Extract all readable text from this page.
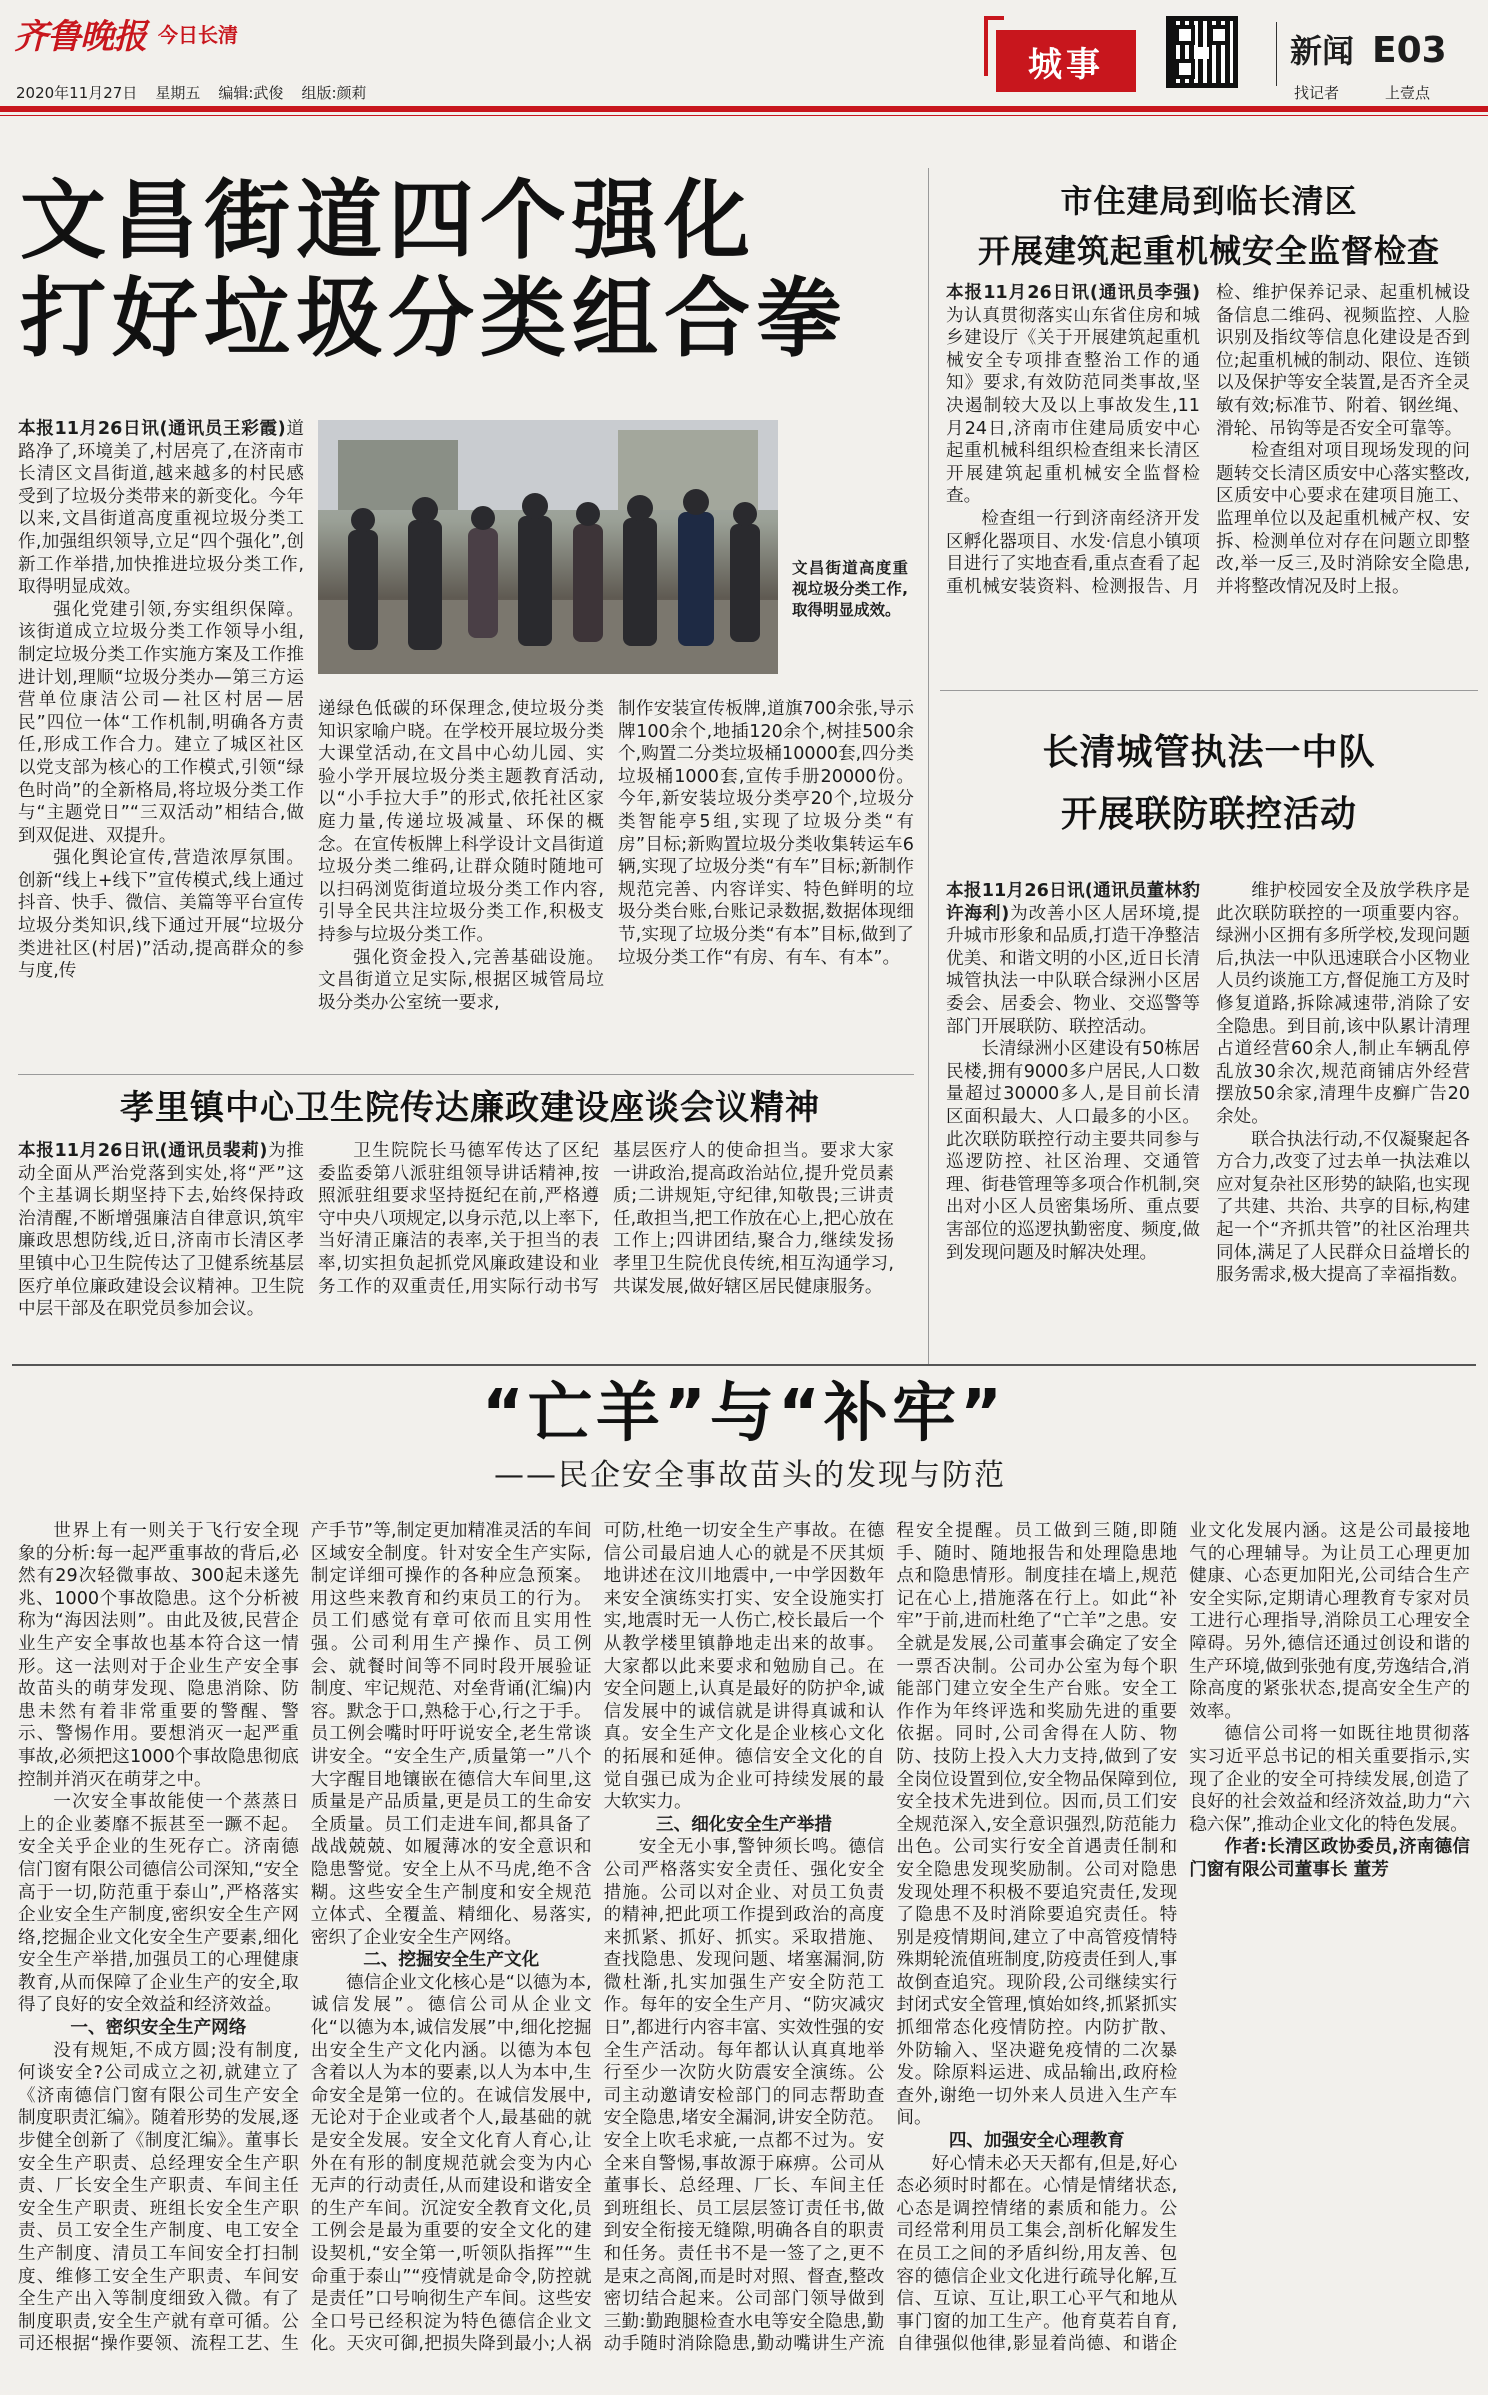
齐鲁晚报 今日长清
2020年11月27日 星期五 编辑:武俊 组版:颜莉
城事	新闻 E03
找记者	上壹点
文昌街道四个强化
打好垃圾分类组合拳

本报11月26日讯(通讯员王彩霞)道路净了,环境美了,村居亮了,在济南市长清区文昌街道,越来越多的村民感受到了垃圾分类带来的新变化。今年以来,文昌街道高度重视垃圾分类工作,加强组织领导,立足“四个强化”,创新工作举措,加快推进垃圾分类工作,取得明显成效。

强化党建引领,夯实组织保障。该街道成立垃圾分类工作领导小组,制定垃圾分类工作实施方案及工作推进计划,理顺“垃圾分类办—第三方运营单位康洁公司—社区村居—居民”四位一体“工作机制,明确各方责任,形成工作合力。建立了城区社区以党支部为核心的工作模式,引领“绿色时尚”的全新格局,将垃圾分类工作与“主题党日”“三双活动”相结合,做到双促进、双提升。

强化舆论宣传,营造浓厚氛围。创新“线上+线下”宣传模式,线上通过抖音、快手、微信、美篇等平台宣传垃圾分类知识,线下通过开展“垃圾分类进社区(村居)”活动,提高群众的参与度,传

文昌街道高度重视垃圾分类工作,取得明显成效。

递绿色低碳的环保理念,使垃圾分类知识家喻户晓。在学校开展垃圾分类大课堂活动,在文昌中心幼儿园、实验小学开展垃圾分类主题教育活动,以“小手拉大手”的形式,依托社区家庭力量,传递垃圾减量、环保的概念。在宣传板牌上科学设计文昌街道垃圾分类二维码,让群众随时随地可以扫码浏览街道垃圾分类工作内容,引导全民共注垃圾分类工作,积极支持参与垃圾分类工作。

强化资金投入,完善基础设施。文昌街道立足实际,根据区城管局垃圾分类办公室统一要求,

制作安装宣传板牌,道旗700余张,导示牌100余个,地插120余个,树挂500余个,购置二分类垃圾桶10000套,四分类垃圾桶1000套,宣传手册20000份。今年,新安装垃圾分类亭20个,垃圾分类智能亭5组,实现了垃圾分类“有房”目标;新购置垃圾分类收集转运车6辆,实现了垃圾分类“有车”目标;新制作规范完善、内容详实、特色鲜明的垃圾分类台账,台账记录数据,数据体现细节,实现了垃圾分类“有本”目标,做到了垃圾分类工作“有房、有车、有本”。

孝里镇中心卫生院传达廉政建设座谈会议精神

本报11月26日讯(通讯员裴莉)为推动全面从严治党落到实处,将“严”这个主基调长期坚持下去,始终保持政治清醒,不断增强廉洁自律意识,筑牢廉政思想防线,近日,济南市长清区孝里镇中心卫生院传达了卫健系统基层医疗单位廉政建设会议精神。卫生院中层干部及在职党员参加会议。

卫生院院长马德军传达了区纪委监委第八派驻组领导讲话精神,按照派驻组要求坚持挺纪在前,严格遵守中央八项规定,以身示范,以上率下,当好清正廉洁的表率,关于担当的表率,切实担负起抓党风廉政建设和业务工作的双重责任,用实际行动书写基层医疗人的使命担当。要求大家一讲政治,提高政治站位,提升党员素质;二讲规矩,守纪律,知敬畏;三讲责任,敢担当,把工作放在心上,把心放在工作上;四讲团结,聚合力,继续发扬孝里卫生院优良传统,相互沟通学习,共谋发展,做好辖区居民健康服务。

市住建局到临长清区
开展建筑起重机械安全监督检查

本报11月26日讯(通讯员李强)为认真贯彻落实山东省住房和城乡建设厅《关于开展建筑起重机械安全专项排查整治工作的通知》要求,有效防范同类事故,坚决遏制较大及以上事故发生,11月24日,济南市住建局质安中心起重机械科组织检查组来长清区开展建筑起重机械安全监督检查。

检查组一行到济南经济开发区孵化器项目、水发·信息小镇项目进行了实地查看,重点查看了起重机械安装资料、检测报告、月检、维护保养记录、起重机械设备信息二维码、视频监控、人脸识别及指纹等信息化建设是否到位;起重机械的制动、限位、连锁以及保护等安全装置,是否齐全灵敏有效;标准节、附着、钢丝绳、滑轮、吊钩等是否安全可靠等。

检查组对项目现场发现的问题转交长清区质安中心落实整改,区质安中心要求在建项目施工、监理单位以及起重机械产权、安拆、检测单位对存在问题立即整改,举一反三,及时消除安全隐患,并将整改情况及时上报。

长清城管执法一中队
开展联防联控活动

本报11月26日讯(通讯员董林豹 许海利)为改善小区人居环境,提升城市形象和品质,打造干净整洁优美、和谐文明的小区,近日长清城管执法一中队联合绿洲小区居委会、居委会、物业、交巡警等部门开展联防、联控活动。

长清绿洲小区建设有50栋居民楼,拥有9000多户居民,人口数量超过30000多人,是目前长清区面积最大、人口最多的小区。此次联防联控行动主要共同参与巡逻防控、社区治理、交通管理、街巷管理等多项合作机制,突出对小区人员密集场所、重点要害部位的巡逻执勤密度、频度,做到发现问题及时解决处理。

维护校园安全及放学秩序是此次联防联控的一项重要内容。绿洲小区拥有多所学校,发现问题后,执法一中队迅速联合小区物业人员约谈施工方,督促施工方及时修复道路,拆除减速带,消除了安全隐患。到目前,该中队累计清理占道经营60余人,制止车辆乱停乱放30余次,规范商铺店外经营摆放50余家,清理牛皮癣广告20余处。

联合执法行动,不仅凝聚起各方合力,改变了过去单一执法难以应对复杂社区形势的缺陷,也实现了共建、共治、共享的目标,构建起一个“齐抓共管”的社区治理共同体,满足了人民群众日益增长的服务需求,极大提高了幸福指数。

“亡羊”与“补牢”
——民企安全事故苗头的发现与防范

世界上有一则关于飞行安全现象的分析:每一起严重事故的背后,必然有29次轻微事故、300起未遂先兆、1000个事故隐患。这个分析被称为“海因法则”。由此及彼,民营企业生产安全事故也基本符合这一情形。这一法则对于企业生产安全事故苗头的萌芽发现、隐患消除、防患未然有着非常重要的警醒、警示、警惕作用。要想消灭一起严重事故,必须把这1000个事故隐患彻底控制并消灭在萌芽之中。

一次安全事故能使一个蒸蒸日上的企业萎靡不振甚至一蹶不起。安全关乎企业的生死存亡。济南德信门窗有限公司德信公司深知,“安全高于一切,防范重于泰山”,严格落实企业安全生产制度,密织安全生产网络,挖掘企业文化安全生产要素,细化安全生产举措,加强员工的心理健康教育,从而保障了企业生产的安全,取得了良好的安全效益和经济效益。

一、密织安全生产网络

没有规矩,不成方圆;没有制度,何谈安全?公司成立之初,就建立了《济南德信门窗有限公司生产安全制度职责汇编》。随着形势的发展,逐步健全创新了《制度汇编》。董事长安全生产职责、总经理安全生产职责、厂长安全生产职责、车间主任安全生产职责、班组长安全生产职责、员工安全生产制度、电工安全生产制度、清员工车间安全打扫制度、维修工安全生产职责、车间安全生产出入等制度细致入微。有了制度职责,安全生产就有章可循。公司还根据“操作要领、流程工艺、生产手节”等,制定更加精准灵活的车间区域安全制度。针对安全生产实际,制定详细可操作的各种应急预案。用这些来教育和约束员工的行为。员工们感觉有章可依而且实用性强。公司利用生产操作、员工例会、就餐时间等不同时段开展验证制度、牢记规范、对垒背诵(汇编)内容。默念于口,熟稔于心,行之于手。员工例会嘴时吁吁说安全,老生常谈讲安全。“安全生产,质量第一”八个大字醒目地镶嵌在德信大车间里,这质量是产品质量,更是员工的生命安全质量。员工们走进车间,都具备了战战兢兢、如履薄冰的安全意识和隐患警觉。安全上从不马虎,绝不含糊。这些安全生产制度和安全规范立体式、全覆盖、精细化、易落实,密织了企业安全生产网络。

二、挖掘安全生产文化

德信企业文化核心是“以德为本,诚信发展”。德信公司从企业文化“以德为本,诚信发展”中,细化挖掘出安全生产文化内涵。以德为本包含着以人为本的要素,以人为本中,生命安全是第一位的。在诚信发展中,无论对于企业或者个人,最基础的就是安全发展。安全文化育人育心,让外在有形的制度规范就会变为内心无声的行动责任,从而建设和谐安全的生产车间。沉淀安全教育文化,员工例会是最为重要的安全文化的建设契机,“安全第一,听领队指挥”“生命重于泰山”“疫情就是命令,防控就是责任”口号响彻生产车间。这些安全口号已经积淀为特色德信企业文化。天灾可御,把损失降到最小;人祸可防,杜绝一切安全生产事故。在德信公司最启迪人心的就是不厌其烦地讲述在汶川地震中,一中学因数年来安全演练实打实、安全设施实打实,地震时无一人伤亡,校长最后一个从教学楼里镇静地走出来的故事。大家都以此来要求和勉励自己。在安全问题上,认真是最好的防护伞,诚信发展中的诚信就是讲得真诚和认真。安全生产文化是企业核心文化的拓展和延伸。德信安全文化的自觉自强已成为企业可持续发展的最大软实力。

三、细化安全生产举措

安全无小事,警钟须长鸣。德信公司严格落实安全责任、强化安全措施。公司以对企业、对员工负责的精神,把此项工作提到政治的高度来抓紧、抓好、抓实。采取措施、查找隐患、发现问题、堵塞漏洞,防微杜渐,扎实加强生产安全防范工作。每年的安全生产月、“防灾减灾日”,都进行内容丰富、实效性强的安全生产活动。每年都认认真真地举行至少一次防火防震安全演练。公司主动邀请安检部门的同志帮助查安全隐患,堵安全漏洞,讲安全防范。安全上吹毛求疵,一点都不过为。安全来自警惕,事故源于麻痹。公司从董事长、总经理、厂长、车间主任到班组长、员工层层签订责任书,做到安全衔接无缝隙,明确各自的职责和任务。责任书不是一签了之,更不是束之高阁,而是时对照、督查,整改密切结合起来。公司部门领导做到三勤:勤跑腿检查水电等安全隐患,勤动手随时消除隐患,勤动嘴讲生产流程安全提醒。员工做到三随,即随手、随时、随地报告和处理隐患地点和隐患情形。制度挂在墙上,规范记在心上,措施落在行上。如此“补牢”于前,进而杜绝了“亡羊”之患。安全就是发展,公司董事会确定了安全一票否决制。公司办公室为每个职能部门建立安全生产台账。安全工作作为年终评选和奖励先进的重要依据。同时,公司舍得在人防、物防、技防上投入大力支持,做到了安全岗位设置到位,安全物品保障到位,安全技术先进到位。因而,员工们安全规范深入,安全意识强烈,防范能力出色。公司实行安全首遇责任制和安全隐患发现奖励制。公司对隐患发现处理不积极不要追究责任,发现了隐患不及时消除要追究责任。特别是疫情期间,建立了中高管疫情特殊期轮流值班制度,防疫责任到人,事故倒查追究。现阶段,公司继续实行封闭式安全管理,慎始如终,抓紧抓实抓细常态化疫情防控。内防扩散、外防输入、坚决避免疫情的二次暴发。除原料运进、成品输出,政府检查外,谢绝一切外来人员进入生产车间。

四、加强安全心理教育

好心情未必天天都有,但是,好心态必须时时都在。心情是情绪状态,心态是调控情绪的素质和能力。公司经常利用员工集会,剖析化解发生在员工之间的矛盾纠纷,用友善、包容的德信企业文化进行疏导化解,互信、互谅、互让,职工心平气和地从事门窗的加工生产。他育莫若自育,自律强似他律,影显着尚德、和谐企业文化发展内涵。这是公司最接地气的心理辅导。为让员工心理更加健康、心态更加阳光,公司结合生产安全实际,定期请心理教育专家对员工进行心理指导,消除员工心理安全障碍。另外,德信还通过创设和谐的生产环境,做到张弛有度,劳逸结合,消除高度的紧张状态,提高安全生产的效率。

德信公司将一如既往地贯彻落实习近平总书记的相关重要指示,实现了企业的安全可持续发展,创造了良好的社会效益和经济效益,助力“六稳六保”,推动企业文化的特色发展。

作者:长清区政协委员,济南德信门窗有限公司董事长 董芳
